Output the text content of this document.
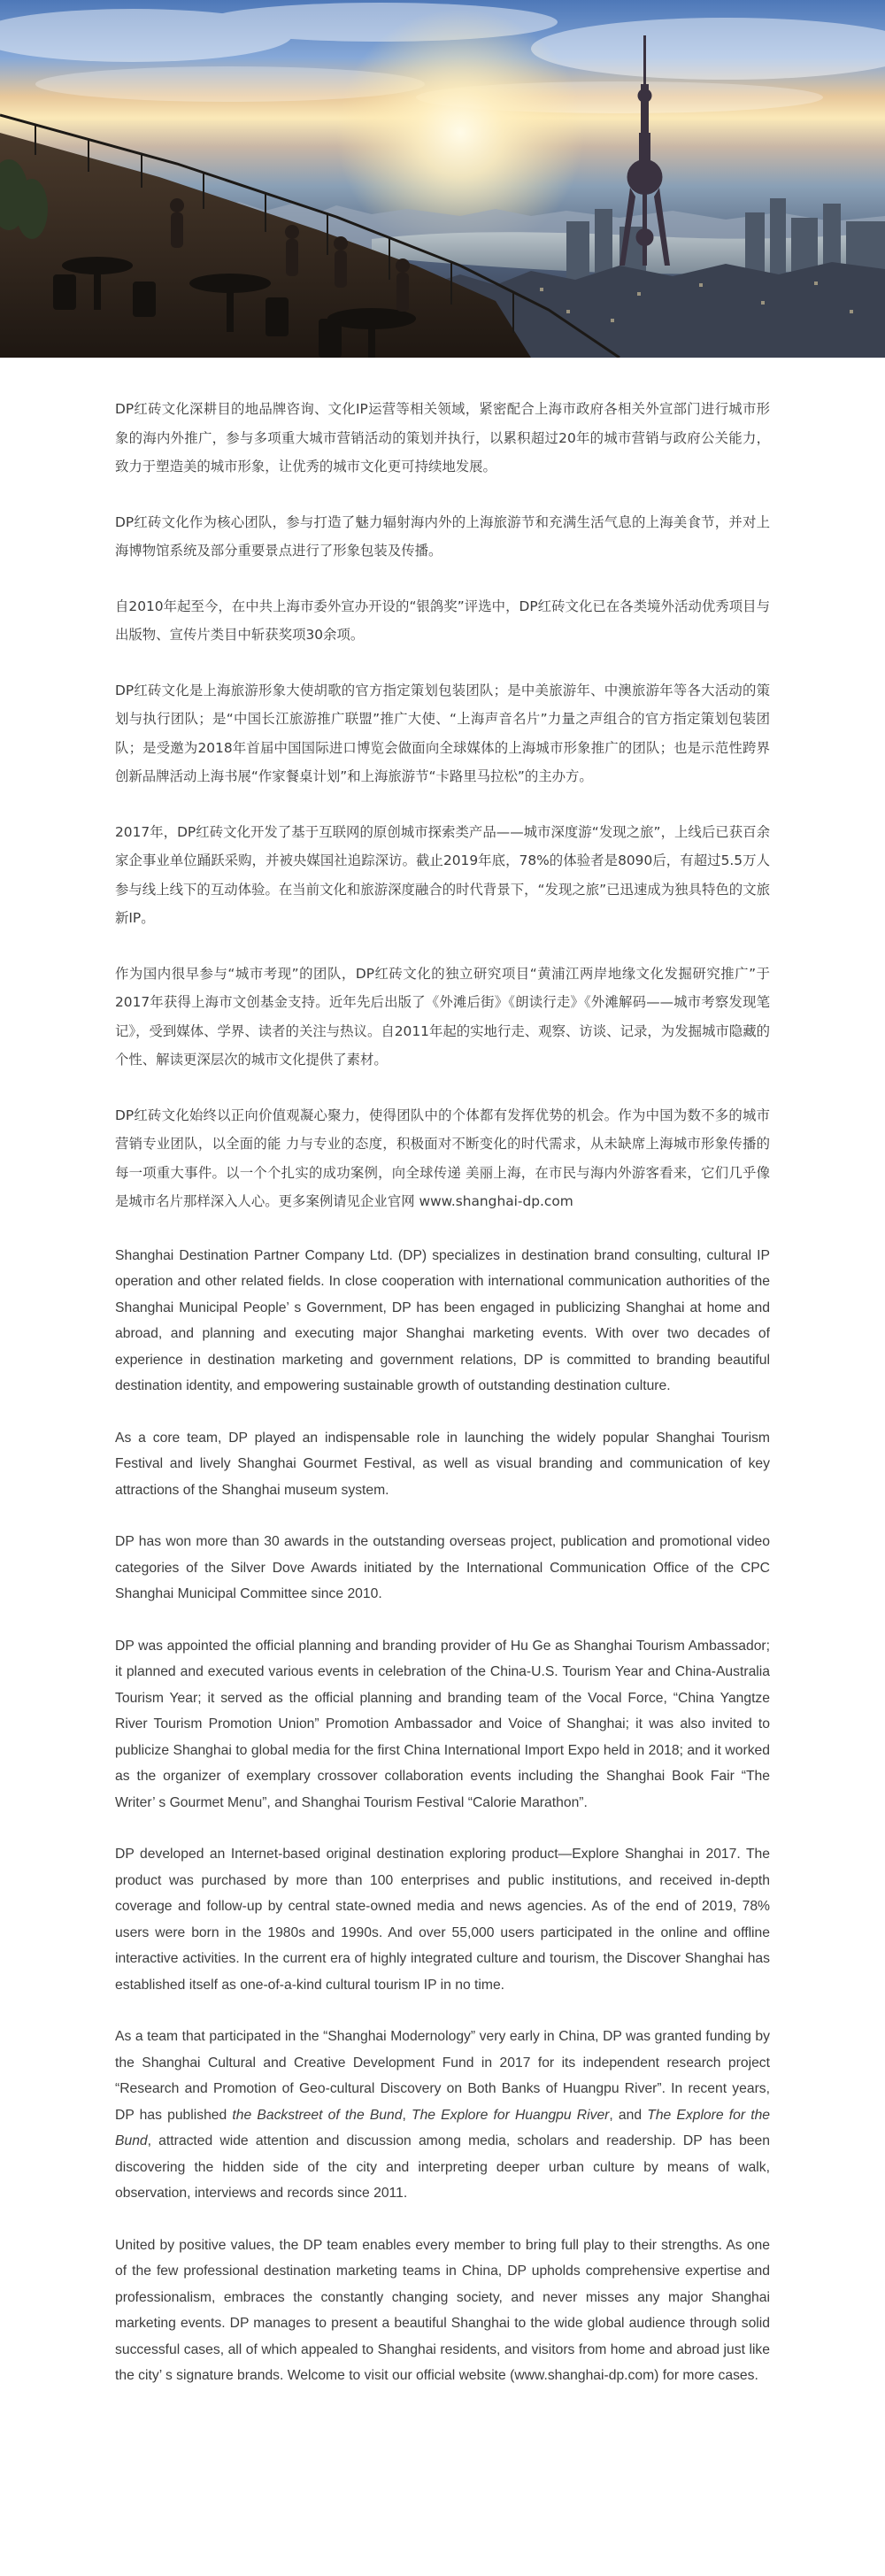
DP红砖文化深耕目的地品牌咨询、文化IP运营等相关领域，紧密配合上海市政府各相关外宣部门进行城市形象的海内外推广，参与多项重大城市营销活动的策划并执行，以累积超过20年的城市营销与政府公关能力，致力于塑造美的城市形象，让优秀的城市文化更可持续地发展。

DP红砖文化作为核心团队，参与打造了魅力辐射海内外的上海旅游节和充满生活气息的上海美食节，并对上海博物馆系统及部分重要景点进行了形象包装及传播。

自2010年起至今，在中共上海市委外宣办开设的“银鸽奖”评选中，DP红砖文化已在各类境外活动优秀项目与出版物、宣传片类目中斩获奖项30余项。

DP红砖文化是上海旅游形象大使胡歌的官方指定策划包装团队；是中美旅游年、中澳旅游年等各大活动的策划与执行团队；是“中国长江旅游推广联盟”推广大使、“上海声音名片”力量之声组合的官方指定策划包装团队；是受邀为2018年首届中国国际进口博览会做面向全球媒体的上海城市形象推广的团队；也是示范性跨界创新品牌活动上海书展“作家餐桌计划”和上海旅游节“卡路里马拉松”的主办方。

2017年，DP红砖文化开发了基于互联网的原创城市探索类产品——城市深度游“发现之旅”，上线后已获百余家企事业单位踊跃采购，并被央媒国社追踪深访。截止2019年底，78%的体验者是8090后，有超过5.5万人参与线上线下的互动体验。在当前文化和旅游深度融合的时代背景下，“发现之旅”已迅速成为独具特色的文旅新IP。

作为国内很早参与“城市考现”的团队，DP红砖文化的独立研究项目“黄浦江两岸地缘文化发掘研究推广”于2017年获得上海市文创基金支持。近年先后出版了《外滩后街》《朗读行走》《外滩解码——城市考察发现笔记》，受到媒体、学界、读者的关注与热议。自2011年起的实地行走、观察、访谈、记录，为发掘城市隐藏的个性、解读更深层次的城市文化提供了素材。

DP红砖文化始终以正向价值观凝心聚力，使得团队中的个体都有发挥优势的机会。作为中国为数不多的城市营销专业团队，以全面的能 力与专业的态度，积极面对不断变化的时代需求，从未缺席上海城市形象传播的每一项重大事件。以一个个扎实的成功案例，向全球传递 美丽上海，在市民与海内外游客看来，它们几乎像是城市名片那样深入人心。更多案例请见企业官网 www.shanghai-dp.com

Shanghai Destination Partner Company Ltd. (DP) specializes in destination brand consulting, cultural IP operation and other related fields. In close cooperation with international communication authorities of the Shanghai Municipal People’ s Government, DP has been engaged in publicizing Shanghai at home and abroad, and planning and executing major Shanghai marketing events. With over two decades of experience in destination marketing and government relations, DP is committed to branding beautiful destination identity, and empowering sustainable growth of outstanding destination culture.

As a core team, DP played an indispensable role in launching the widely popular Shanghai Tourism Festival and lively Shanghai Gourmet Festival, as well as visual branding and communication of key attractions of the Shanghai museum system.

DP has won more than 30 awards in the outstanding overseas project, publication and promotional video categories of the Silver Dove Awards initiated by the International Communication Office of the CPC Shanghai Municipal Committee since 2010.

DP was appointed the official planning and branding provider of Hu Ge as Shanghai Tourism Ambassador; it planned and executed various events in celebration of the China-U.S. Tourism Year and China-Australia Tourism Year; it served as the official planning and branding team of the Vocal Force, “China Yangtze River Tourism Promotion Union” Promotion Ambassador and Voice of Shanghai; it was also invited to publicize Shanghai to global media for the first China International Import Expo held in 2018; and it worked as the organizer of exemplary crossover collaboration events including the Shanghai Book Fair “The Writer’ s Gourmet Menu”, and Shanghai Tourism Festival “Calorie Marathon”.

DP developed an Internet-based original destination exploring product—Explore Shanghai in 2017. The product was purchased by more than 100 enterprises and public institutions, and received in-depth coverage and follow-up by central state-owned media and news agencies. As of the end of 2019, 78% users were born in the 1980s and 1990s. And over 55,000 users participated in the online and offline interactive activities. In the current era of highly integrated culture and tourism, the Discover Shanghai has established itself as one-of-a-kind cultural tourism IP in no time.

As a team that participated in the “Shanghai Modernology” very early in China, DP was granted funding by the Shanghai Cultural and Creative Development Fund in 2017 for its independent research project “Research and Promotion of Geo-cultural Discovery on Both Banks of Huangpu River”. In recent years, DP has published the Backstreet of the Bund, The Explore for Huangpu River, and The Explore for the Bund, attracted wide attention and discussion among media, scholars and readership. DP has been discovering the hidden side of the city and interpreting deeper urban culture by means of walk, observation, interviews and records since 2011.

United by positive values, the DP team enables every member to bring full play to their strengths. As one of the few professional destination marketing teams in China, DP upholds comprehensive expertise and professionalism, embraces the constantly changing society, and never misses any major Shanghai marketing events. DP manages to present a beautiful Shanghai to the wide global audience through solid successful cases, all of which appealed to Shanghai residents, and visitors from home and abroad just like the city’ s signature brands. Welcome to visit our official website (www.shanghai-dp.com) for more cases.
